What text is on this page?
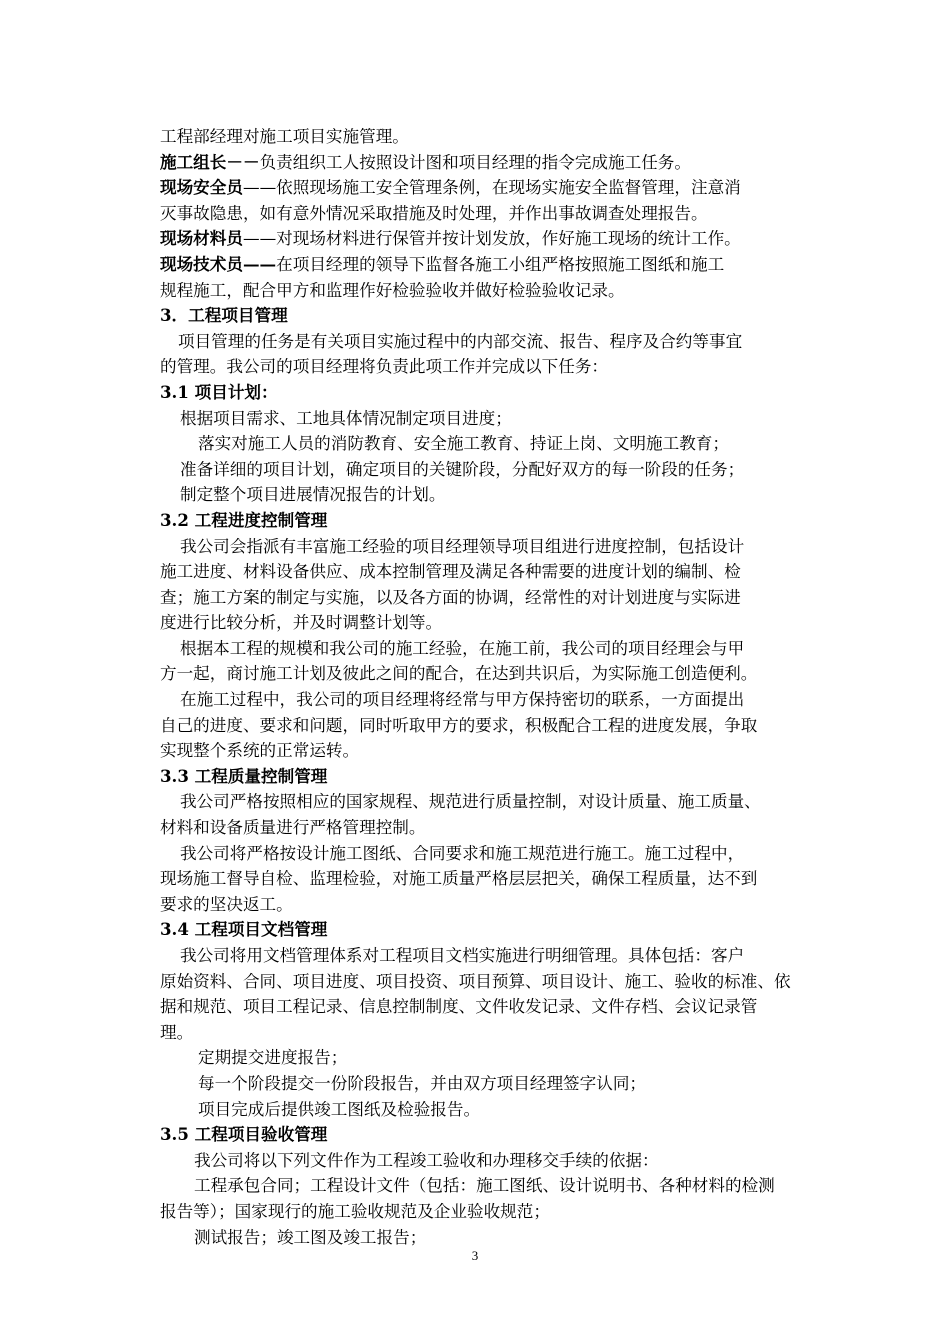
工程部经理对施工项目实施管理。
施工组长－－负责组织工人按照设计图和项目经理的指令完成施工任务。
现场安全员——依照现场施工安全管理条例，在现场实施安全监督管理，注意消
灭事故隐患，如有意外情况采取措施及时处理，并作出事故调查处理报告。
现场材料员——对现场材料进行保管并按计划发放，作好施工现场的统计工作。
现场技术员——在项目经理的领导下监督各施工小组严格按照施工图纸和施工
规程施工，配合甲方和监理作好检验验收并做好检验验收记录。
3．工程项目管理
项目管理的任务是有关项目实施过程中的内部交流、报告、程序及合约等事宜
的管理。我公司的项目经理将负责此项工作并完成以下任务：
3.1 项目计划：
根据项目需求、工地具体情况制定项目进度；
落实对施工人员的消防教育、安全施工教育、持证上岗、文明施工教育；
准备详细的项目计划，确定项目的关键阶段，分配好双方的每一阶段的任务；
制定整个项目进展情况报告的计划。
3.2 工程进度控制管理
我公司会指派有丰富施工经验的项目经理领导项目组进行进度控制，包括设计
施工进度、材料设备供应、成本控制管理及满足各种需要的进度计划的编制、检
查；施工方案的制定与实施，以及各方面的协调，经常性的对计划进度与实际进
度进行比较分析，并及时调整计划等。
根据本工程的规模和我公司的施工经验，在施工前，我公司的项目经理会与甲
方一起，商讨施工计划及彼此之间的配合，在达到共识后，为实际施工创造便利。
在施工过程中，我公司的项目经理将经常与甲方保持密切的联系，一方面提出
自己的进度、要求和问题，同时听取甲方的要求，积极配合工程的进度发展，争取
实现整个系统的正常运转。
3.3 工程质量控制管理
我公司严格按照相应的国家规程、规范进行质量控制，对设计质量、施工质量、
材料和设备质量进行严格管理控制。
我公司将严格按设计施工图纸、合同要求和施工规范进行施工。施工过程中，
现场施工督导自检、监理检验，对施工质量严格层层把关，确保工程质量，达不到
要求的坚决返工。
3.4 工程项目文档管理
我公司将用文档管理体系对工程项目文档实施进行明细管理。具体包括：客户
原始资料、合同、项目进度、项目投资、项目预算、项目设计、施工、验收的标准、依
据和规范、项目工程记录、信息控制制度、文件收发记录、文件存档、会议记录管
理。
定期提交进度报告；
每一个阶段提交一份阶段报告，并由双方项目经理签字认同；
项目完成后提供竣工图纸及检验报告。
3.5 工程项目验收管理
我公司将以下列文件作为工程竣工验收和办理移交手续的依据：
工程承包合同；工程设计文件（包括：施工图纸、设计说明书、各种材料的检测
报告等）；国家现行的施工验收规范及企业验收规范；
测试报告；竣工图及竣工报告；
3
